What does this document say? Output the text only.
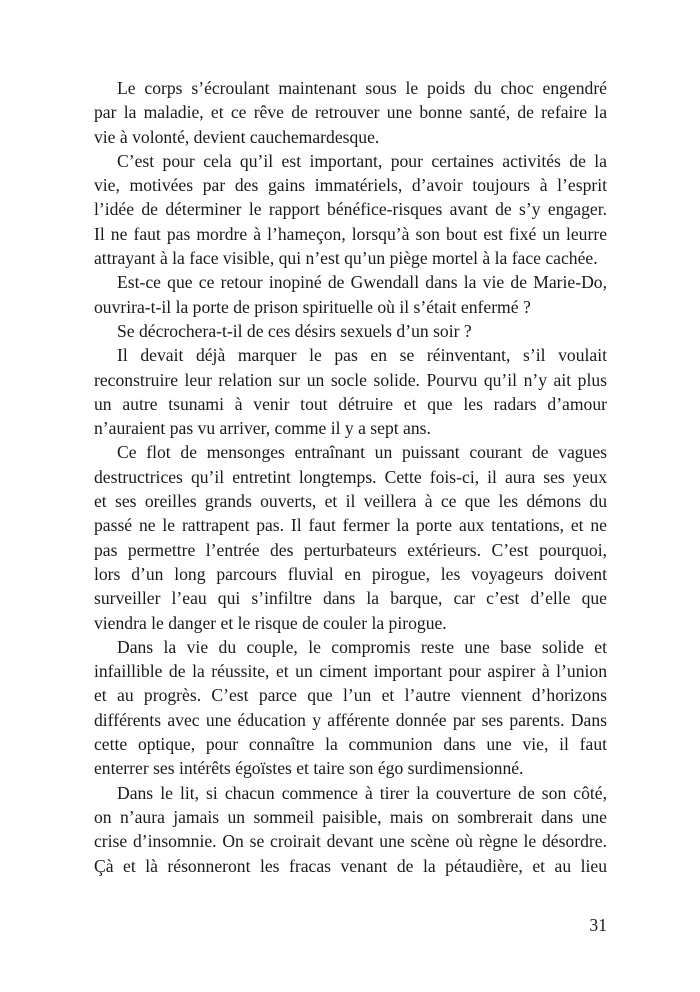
Le corps s’écroulant maintenant sous le poids du choc engendré
par la maladie, et ce rêve de retrouver une bonne santé, de refaire la
vie à volonté, devient cauchemardesque.
C’est pour cela qu’il est important, pour certaines activités de la
vie, motivées par des gains immatériels, d’avoir toujours à l’esprit
l’idée de déterminer le rapport bénéfice-risques avant de s’y engager.
Il ne faut pas mordre à l’hameçon, lorsqu’à son bout est fixé un leurre
attrayant à la face visible, qui n’est qu’un piège mortel à la face cachée.
Est-ce que ce retour inopiné de Gwendall dans la vie de Marie-Do,
ouvrira-t-il la porte de prison spirituelle où il s’était enfermé ?
Se décrochera-t-il de ces désirs sexuels d’un soir ?
Il devait déjà marquer le pas en se réinventant, s’il voulait
reconstruire leur relation sur un socle solide. Pourvu qu’il n’y ait plus
un autre tsunami à venir tout détruire et que les radars d’amour
n’auraient pas vu arriver, comme il y a sept ans.
Ce flot de mensonges entraînant un puissant courant de vagues
destructrices qu’il entretint longtemps. Cette fois-ci, il aura ses yeux
et ses oreilles grands ouverts, et il veillera à ce que les démons du
passé ne le rattrapent pas. Il faut fermer la porte aux tentations, et ne
pas permettre l’entrée des perturbateurs extérieurs. C’est pourquoi,
lors d’un long parcours fluvial en pirogue, les voyageurs doivent
surveiller l’eau qui s’infiltre dans la barque, car c’est d’elle que
viendra le danger et le risque de couler la pirogue.
Dans la vie du couple, le compromis reste une base solide et
infaillible de la réussite, et un ciment important pour aspirer à l’union
et au progrès. C’est parce que l’un et l’autre viennent d’horizons
différents avec une éducation y afférente donnée par ses parents. Dans
cette optique, pour connaître la communion dans une vie, il faut
enterrer ses intérêts égoïstes et taire son égo surdimensionné.
Dans le lit, si chacun commence à tirer la couverture de son côté,
on n’aura jamais un sommeil paisible, mais on sombrerait dans une
crise d’insomnie. On se croirait devant une scène où règne le désordre.
Çà et là résonneront les fracas venant de la pétaudière, et au lieu
31
